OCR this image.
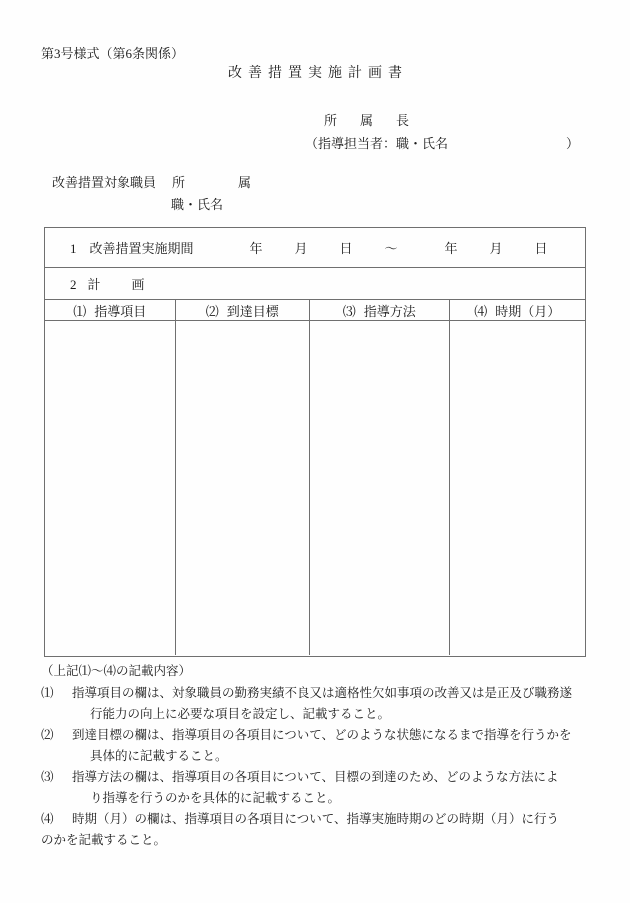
第3号様式（第6条関係）
改善措置実施計画書
所　属　長
（指導担当者：職・氏名	）
改善措置対象職員 所　　属
職・氏名
1 改善措置実施期間	年 月 日 ～	年 月 日
2 計　画
⑴ 指導項目	⑵ 到達目標	⑶ 指導方法	⑷ 時期（月）
（上記⑴～⑷の記載内容）
⑴ 指導項目の欄は、対象職員の勤務実績不良又は適格性欠如事項の改善又は是正及び職務遂
行能力の向上に必要な項目を設定し、記載すること。
⑵ 到達目標の欄は、指導項目の各項目について、どのような状態になるまで指導を行うかを
具体的に記載すること。
⑶ 指導方法の欄は、指導項目の各項目について、目標の到達のため、どのような方法によ
り指導を行うのかを具体的に記載すること。
⑷ 時期（月）の欄は、指導項目の各項目について、指導実施時期のどの時期（月）に行う
のかを記載すること。
